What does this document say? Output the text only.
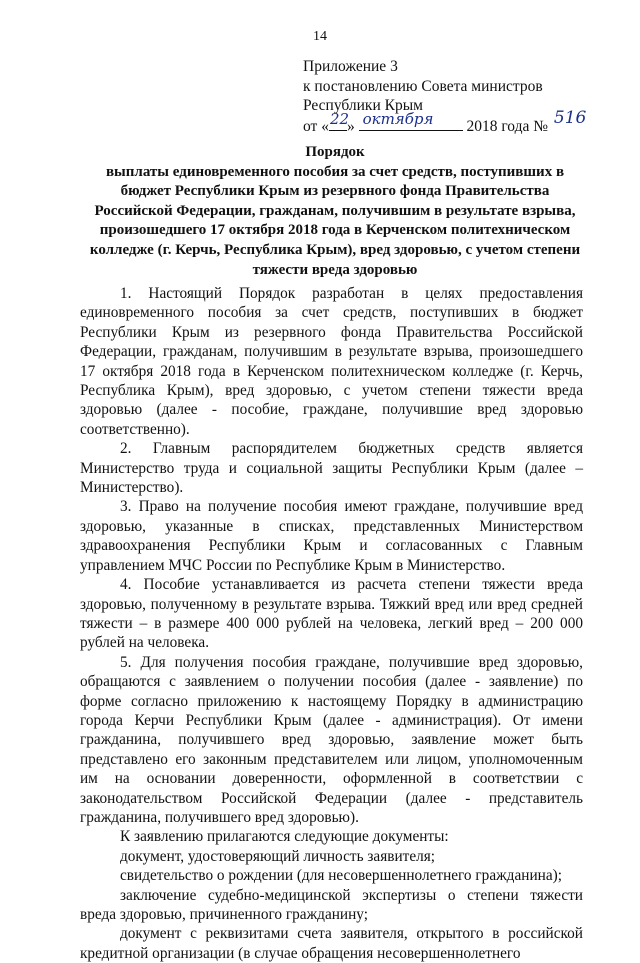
14
Приложение 3
к постановлению Совета министров
Республики Крым
от « 22
» октября 2018 года № 516
Порядок
выплаты единовременного пособия за счет средств, поступивших в
бюджет Республики Крым из резервного фонда Правительства
Российской Федерации, гражданам, получившим в результате взрыва,
произошедшего 17 октября 2018 года в Керченском политехническом
колледже (г. Керчь, Республика Крым), вред здоровью, с учетом степени
тяжести вреда здоровью

1. Настоящий Порядок разработан в целях предоставления единовременного пособия за счет средств, поступивших в бюджет Республики Крым из резервного фонда Правительства Российской Федерации, гражданам, получившим в результате взрыва, произошедшего 17 октября 2018 года в Керченском политехническом колледже (г. Керчь, Республика Крым), вред здоровью, с учетом степени тяжести вреда здоровью (далее - пособие, граждане, получившие вред здоровью соответственно).

2. Главным распорядителем бюджетных средств является Министерство труда и социальной защиты Республики Крым (далее – Министерство).

3. Право на получение пособия имеют граждане, получившие вред здоровью, указанные в списках, представленных Министерством здравоохранения Республики Крым и согласованных с Главным управлением МЧС России по Республике Крым в Министерство.

4. Пособие устанавливается из расчета степени тяжести вреда здоровью, полученному в результате взрыва. Тяжкий вред или вред средней тяжести – в размере 400 000 рублей на человека, легкий вред – 200 000 рублей на человека.

5. Для получения пособия граждане, получившие вред здоровью, обращаются с заявлением о получении пособия (далее - заявление) по форме согласно приложению к настоящему Порядку в администрацию города Керчи Республики Крым (далее - администрация). От имени гражданина, получившего вред здоровью, заявление может быть представлено его законным представителем или лицом, уполномоченным им на основании доверенности, оформленной в соответствии с законодательством Российской Федерации (далее - представитель гражданина, получившего вред здоровью).

К заявлению прилагаются следующие документы:

документ, удостоверяющий личность заявителя;

свидетельство о рождении (для несовершеннолетнего гражданина);

заключение судебно-медицинской экспертизы о степени тяжести вреда здоровью, причиненного гражданину;

документ с реквизитами счета заявителя, открытого в российской кредитной организации (в случае обращения несовершеннолетнего
